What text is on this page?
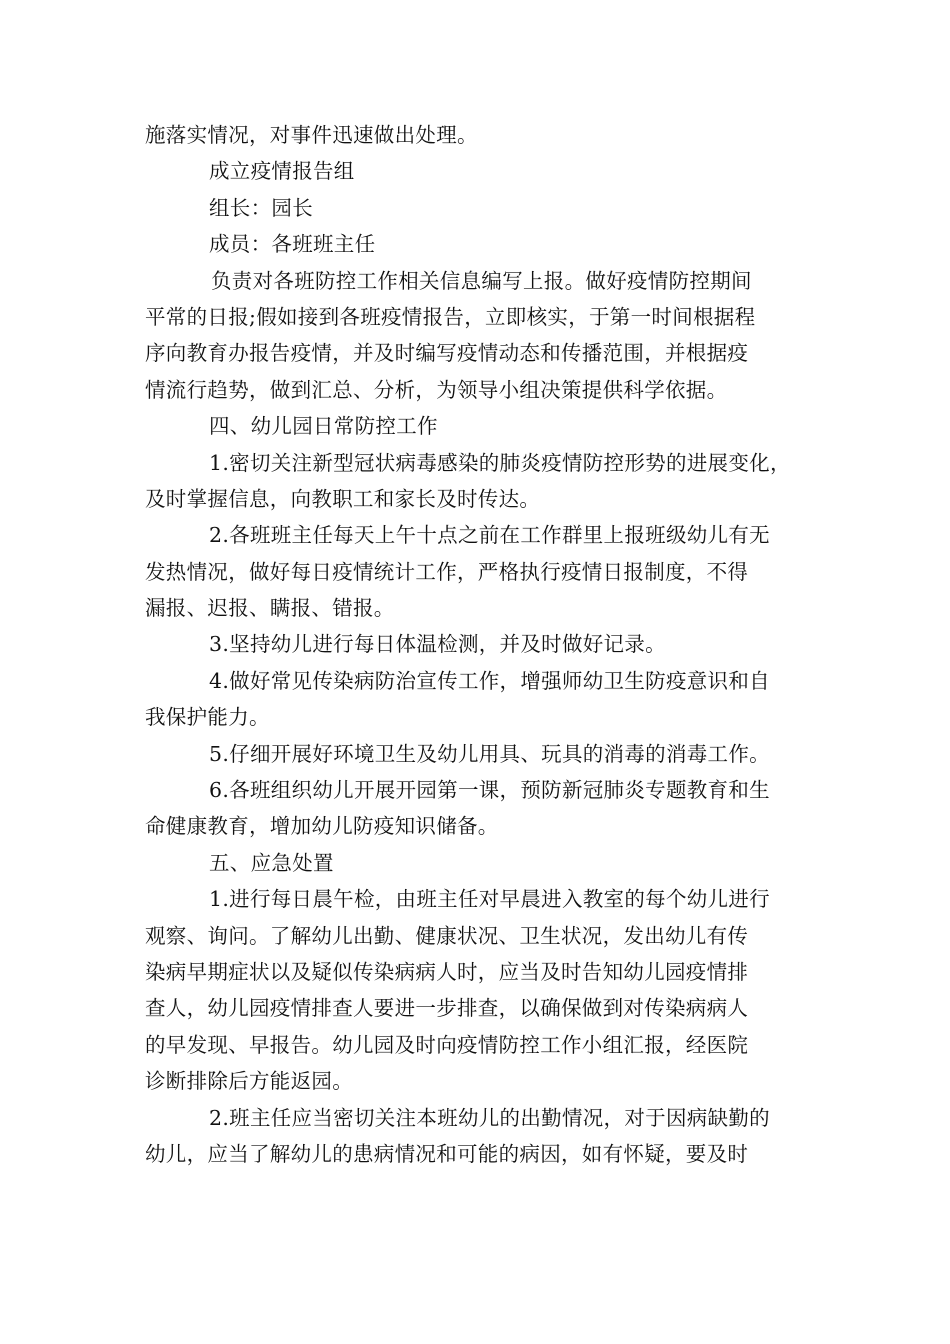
施落实情况，对事件迅速做出处理。
成立疫情报告组
组长：园长
成员：各班班主任
负责对各班防控工作相关信息编写上报。做好疫情防控期间
平常的日报;假如接到各班疫情报告，立即核实，于第一时间根据程
序向教育办报告疫情，并及时编写疫情动态和传播范围，并根据疫
情流行趋势，做到汇总、分析，为领导小组决策提供科学依据。
四、幼儿园日常防控工作
1.密切关注新型冠状病毒感染的肺炎疫情防控形势的进展变化，
及时掌握信息，向教职工和家长及时传达。
2.各班班主任每天上午十点之前在工作群里上报班级幼儿有无
发热情况，做好每日疫情统计工作，严格执行疫情日报制度，不得
漏报、迟报、瞒报、错报。
3.坚持幼儿进行每日体温检测，并及时做好记录。
4.做好常见传染病防治宣传工作，增强师幼卫生防疫意识和自
我保护能力。
5.仔细开展好环境卫生及幼儿用具、玩具的消毒的消毒工作。
6.各班组织幼儿开展开园第一课，预防新冠肺炎专题教育和生
命健康教育，增加幼儿防疫知识储备。
五、应急处置
1.进行每日晨午检，由班主任对早晨进入教室的每个幼儿进行
观察、询问。了解幼儿出勤、健康状况、卫生状况，发出幼儿有传
染病早期症状以及疑似传染病病人时，应当及时告知幼儿园疫情排
查人，幼儿园疫情排查人要进一步排查，以确保做到对传染病病人
的早发现、早报告。幼儿园及时向疫情防控工作小组汇报，经医院
诊断排除后方能返园。
2.班主任应当密切关注本班幼儿的出勤情况，对于因病缺勤的
幼儿，应当了解幼儿的患病情况和可能的病因，如有怀疑，要及时
